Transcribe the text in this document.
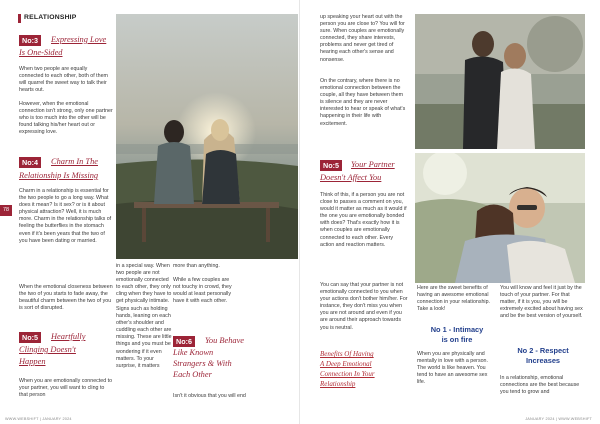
RELATIONSHIP
78
No:3	Expressing Love
Is One-Sided

When two people are equally connected to each other, both of them will quarrel the sweet way to talk their hearts out.

However, when the emotional connection isn't strong, only one partner who is too much into the other will be found talking his/her heart out or expressing love.

No:4	Charm In The
Relationship Is Missing

Charm in a relationship is essential for the two people to go a long way. What does it mean? Is it sex? or is it about physical attraction? Well, it is much more. Charm in the relationship talks of feeling the butterflies in the stomach even if it's been years that the two of you have been dating or married.

When the emotional closeness between the two of you starts to fade away, the beautiful charm between the two of you is sort of disrupted.

No:5	Heartfully
Clinging Doesn't
Happen

When you are emotionally connected to your partner, you will want to cling to that person

in a special way. When two people are not emotionally connected to each other, they only cling when they have to get physically intimate.

Signs such as holding hands, leaning on each other's shoulder and cuddling each other are missing. These are little things and you must be wondering if it even matters. To your surprise, it matters

more than anything.

While a few couples are not touchy in crowd, they would at least personally have it with each other.

No:6	You Behave
Like Known
Strangers & With
Each Other

Isn't it obvious that you will end

WWW.WEBSHIFT | JANUARY 2024

up speaking your heart out with the person you are close to? You will for sure. When couples are emotionally connected, they share interests, problems and never get tired of hearing each other's sense and nonsense.

On the contrary, where there is no emotional connection between the couple, all they have between them is silence and they are never interested to hear or speak of what's happening in their life with excitement.

No:5	Your Partner
Doesn't Affect You

Think of this, if a person you are not close to passes a comment on you, would it matter as much as it would if the one you are emotionally bonded with does? That's exactly how it is when couples are emotionally connected to each other. Every action and reaction matters.

You can say that your partner is not emotionally connected to you when your actions don't bother him/her. For instance, they don't miss you when you are not around and even if you are around their approach towards you is neutral.

Benefits Of Having
A Deep Emotional
Connection In Your
Relationship

Here are the sweet benefits of having an awesome emotional connection in your relationship. Take a look!

No 1 - Intimacy
is on fire

When you are physically and mentally in love with a person. The world is like heaven. You tend to have an awesome sex life.

You will know and feel it just by the touch of your partner. For that matter, if it is you, you will be extremely excited about having sex and be the best version of yourself.

No 2 - Respect
Increases

In a relationship, emotional connections are the best because you tend to grow and

JANUARY 2024 | WWW.WEBSHIFT
